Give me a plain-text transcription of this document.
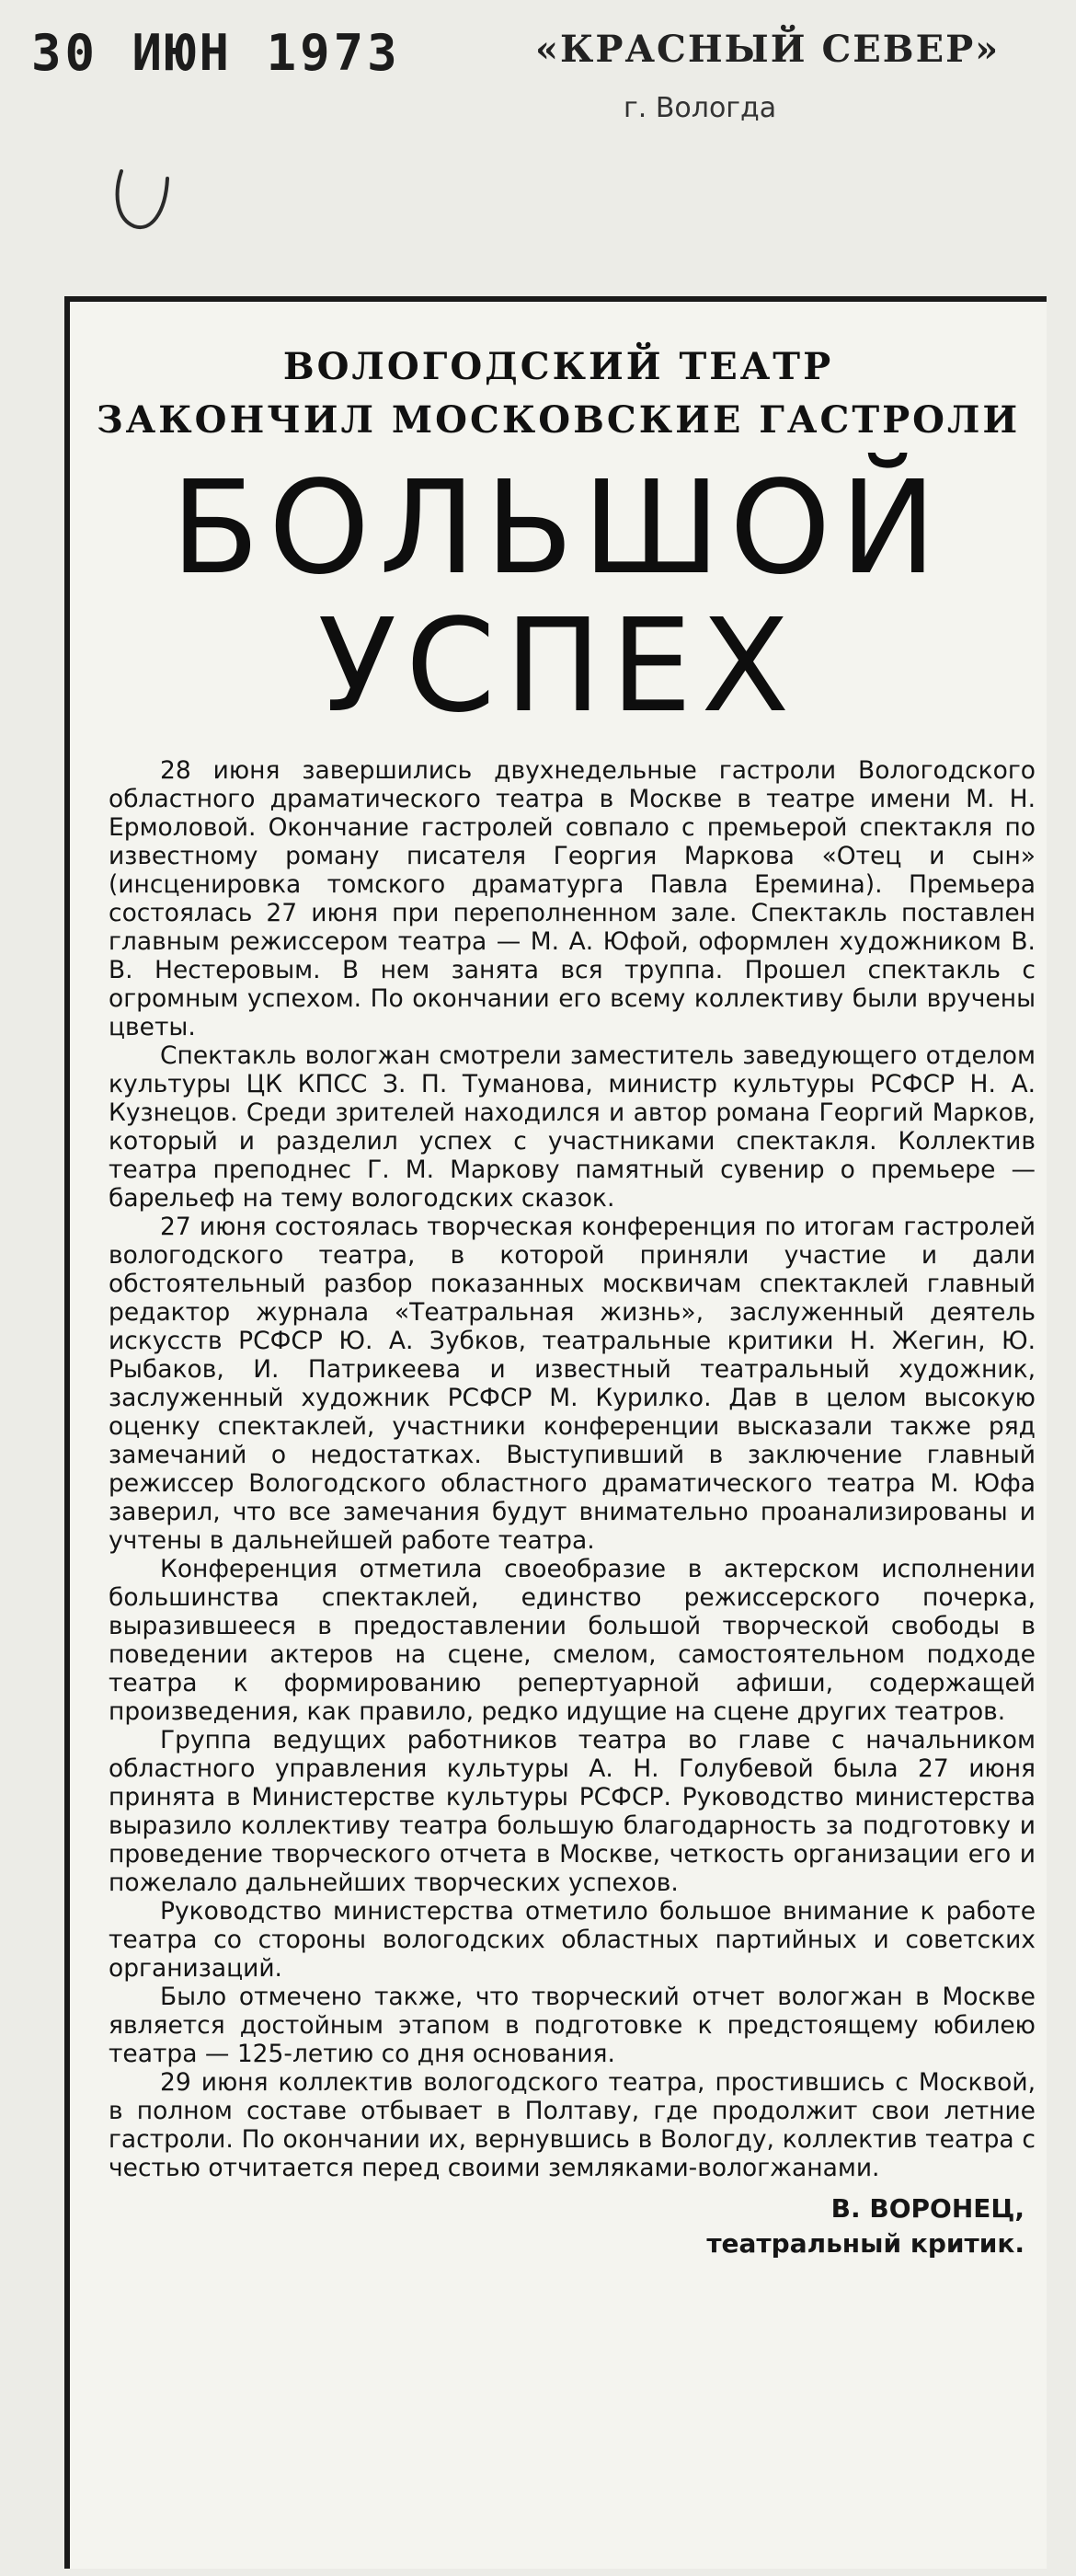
30 ИЮН 1973	«КРАСНЫЙ СЕВЕР»
г. Вологда
ВОЛОГОДСКИЙ ТЕАТР
ЗАКОНЧИЛ МОСКОВСКИЕ ГАСТРОЛИ
БОЛЬШОЙ
УСПЕХ

28 июня завершились двухнедельные гастроли Вологодского областного драматического театра в Москве в театре имени М. Н. Ермоловой. Окончание гастролей совпало с премьерой спектакля по известному роману писателя Георгия Маркова «Отец и сын» (инсценировка томского драматурга Павла Еремина). Премьера состоялась 27 июня при переполненном зале. Спектакль поставлен главным режиссером театра — М. А. Юфой, оформлен художником В. В. Нестеровым. В нем занята вся труппа. Прошел спектакль с огромным успехом. По окончании его всему коллективу были вручены цветы.

Спектакль вологжан смотрели заместитель заведующего отделом культуры ЦК КПСС З. П. Туманова, министр культуры РСФСР Н. А. Кузнецов. Среди зрителей находился и автор романа Георгий Марков, который и разделил успех с участниками спектакля. Коллектив театра преподнес Г. М. Маркову памятный сувенир о премьере — барельеф на тему вологодских сказок.

27 июня состоялась творческая конференция по итогам гастролей вологодского театра, в которой приняли участие и дали обстоятельный разбор показанных москвичам спектаклей главный редактор журнала «Театральная жизнь», заслуженный деятель искусств РСФСР Ю. А. Зубков, театральные критики Н. Жегин, Ю. Рыбаков, И. Патрикеева и известный театральный художник, заслуженный художник РСФСР М. Курилко. Дав в целом высокую оценку спектаклей, участники конференции высказали также ряд замечаний о недостатках. Выступивший в заключение главный режиссер Вологодского областного драматического театра М. Юфа заверил, что все замечания будут внимательно проанализированы и учтены в дальнейшей работе театра.

Конференция отметила своеобразие в актерском исполнении большинства спектаклей, единство режиссерского почерка, выразившееся в предоставлении большой творческой свободы в поведении актеров на сцене, смелом, самостоятельном подходе театра к формированию репертуарной афиши, содержащей произведения, как правило, редко идущие на сцене других театров.

Группа ведущих работников театра во главе с начальником областного управления культуры А. Н. Голубевой была 27 июня принята в Министерстве культуры РСФСР. Руководство министерства выразило коллективу театра большую благодарность за подготовку и проведение творческого отчета в Москве, четкость организации его и пожелало дальнейших творческих успехов.

Руководство министерства отметило большое внимание к работе театра со стороны вологодских областных партийных и советских организаций.

Было отмечено также, что творческий отчет вологжан в Москве является достойным этапом в подготовке к предстоящему юбилею театра — 125-летию со дня основания.

29 июня коллектив вологодского театра, простившись с Москвой, в полном составе отбывает в Полтаву, где продолжит свои летние гастроли. По окончании их, вернувшись в Вологду, коллектив театра с честью отчитается перед своими земляками-вологжанами.

В. ВОРОНЕЦ,
театральный критик.
